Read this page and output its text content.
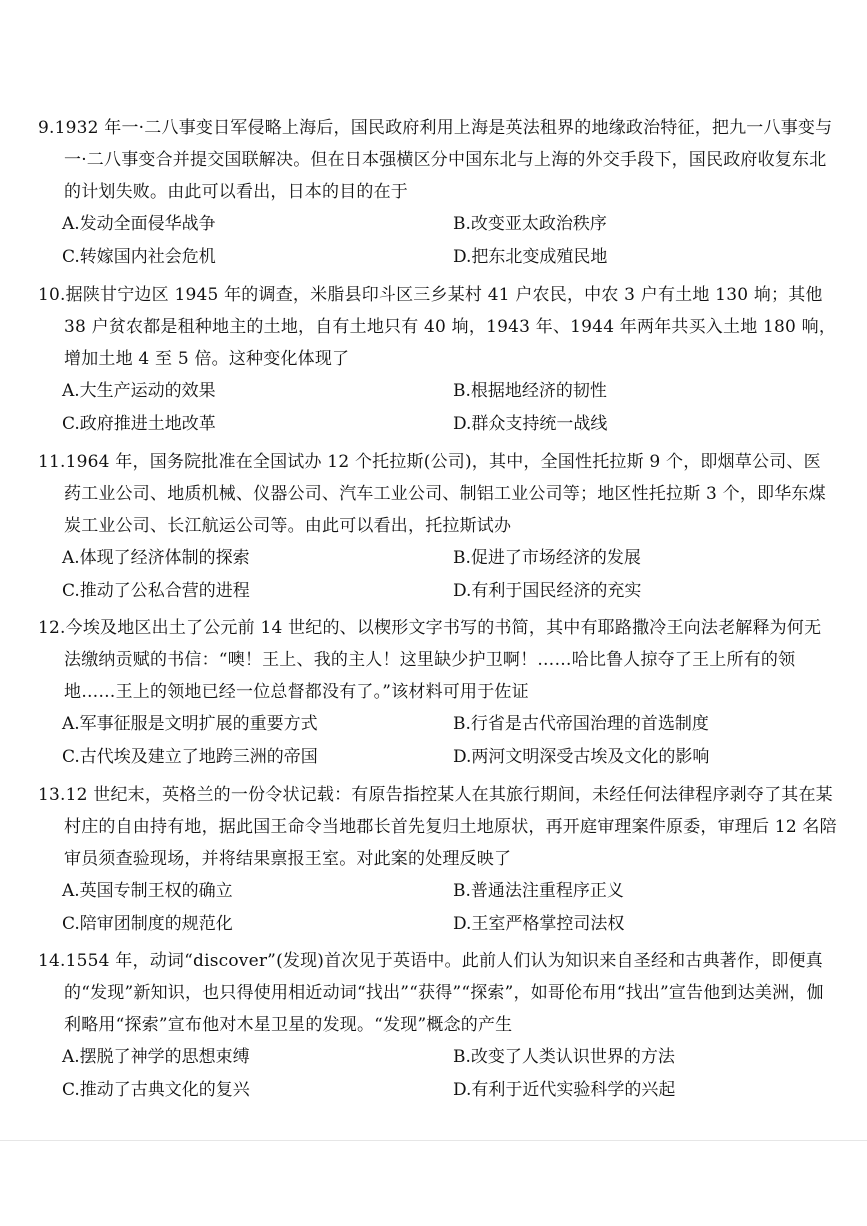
9.1932 年一·二八事变日军侵略上海后，国民政府利用上海是英法租界的地缘政治特征，把九一八事变与一·二八事变合并提交国联解决。但在日本强横区分中国东北与上海的外交手段下，国民政府收复东北的计划失败。由此可以看出，日本的目的在于

A.发动全面侵华战争	B.改变亚太政治秩序
C.转嫁国内社会危机	D.把东北变成殖民地

10.据陕甘宁边区 1945 年的调查，米脂县印斗区三乡某村 41 户农民，中农 3 户有土地 130 垧；其他 38 户贫农都是租种地主的土地，自有土地只有 40 垧，1943 年、1944 年两年共买入土地 180 响，增加土地 4 至 5 倍。这种变化体现了

A.大生产运动的效果	B.根据地经济的韧性
C.政府推进土地改革	D.群众支持统一战线

11.1964 年，国务院批准在全国试办 12 个托拉斯(公司)，其中，全国性托拉斯 9 个，即烟草公司、医药工业公司、地质机械、仪器公司、汽车工业公司、制铝工业公司等；地区性托拉斯 3 个，即华东煤炭工业公司、长江航运公司等。由此可以看出，托拉斯试办

A.体现了经济体制的探索	B.促进了市场经济的发展
C.推动了公私合营的进程	D.有利于国民经济的充实

12.今埃及地区出土了公元前 14 世纪的、以楔形文字书写的书简，其中有耶路撒冷王向法老解释为何无法缴纳贡赋的书信：“噢！王上、我的主人！这里缺少护卫啊！……哈比鲁人掠夺了王上所有的领地……王上的领地已经一位总督都没有了。”该材料可用于佐证

A.军事征服是文明扩展的重要方式	B.行省是古代帝国治理的首选制度
C.古代埃及建立了地跨三洲的帝国	D.两河文明深受古埃及文化的影响

13.12 世纪末，英格兰的一份令状记载：有原告指控某人在其旅行期间，未经任何法律程序剥夺了其在某村庄的自由持有地，据此国王命令当地郡长首先复归土地原状，再开庭审理案件原委，审理后 12 名陪审员须查验现场，并将结果禀报王室。对此案的处理反映了

A.英国专制王权的确立	B.普通法注重程序正义
C.陪审团制度的规范化	D.王室严格掌控司法权

14.1554 年，动词“discover”(发现)首次见于英语中。此前人们认为知识来自圣经和古典著作，即便真的“发现”新知识，也只得使用相近动词“找出”“获得”“探索”，如哥伦布用“找出”宣告他到达美洲，伽利略用“探索”宣布他对木星卫星的发现。“发现”概念的产生

A.摆脱了神学的思想束缚	B.改变了人类认识世界的方法
C.推动了古典文化的复兴	D.有利于近代实验科学的兴起
